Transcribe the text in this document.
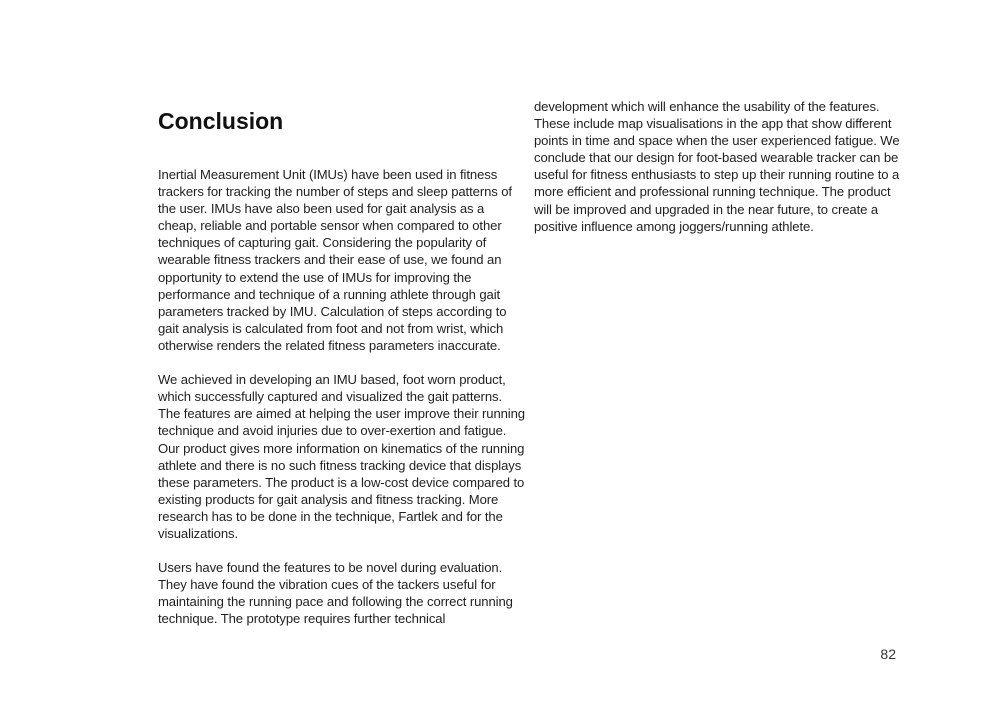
Conclusion

Inertial Measurement Unit (IMUs) have been used in fitness trackers for tracking the number of steps and sleep patterns of the user. IMUs have also been used for gait analysis as a cheap, reliable and portable sensor when compared to other techniques of capturing gait. Considering the popularity of wearable fitness trackers and their ease of use, we found an opportunity to extend the use of IMUs for improving the performance and technique of a running athlete through gait parameters tracked by IMU. Calculation of steps according to gait analysis is calculated from foot and not from wrist, which otherwise renders the related fitness parameters inaccurate.

We achieved in developing an IMU based, foot worn product, which successfully captured and visualized the gait patterns. The features are aimed at helping the user improve their running technique and avoid injuries due to over-exertion and fatigue. Our product gives more information on kinematics of the running athlete and there is no such fitness tracking device that displays these parameters. The product is a low-cost device compared to existing products for gait analysis and fitness tracking. More research has to be done in the technique, Fartlek and for the visualizations.

Users have found the features to be novel during evaluation. They have found the vibration cues of the tackers useful for maintaining the running pace and following the correct running technique. The prototype requires further technical

development which will enhance the usability of the features. These include map visualisations in the app that show different points in time and space when the user experienced fatigue. We conclude that our design for foot-based wearable tracker can be useful for fitness enthusiasts to step up their running routine to a more efficient and professional running technique. The product will be improved and upgraded in the near future, to create a positive influence among joggers/running athlete.

82
